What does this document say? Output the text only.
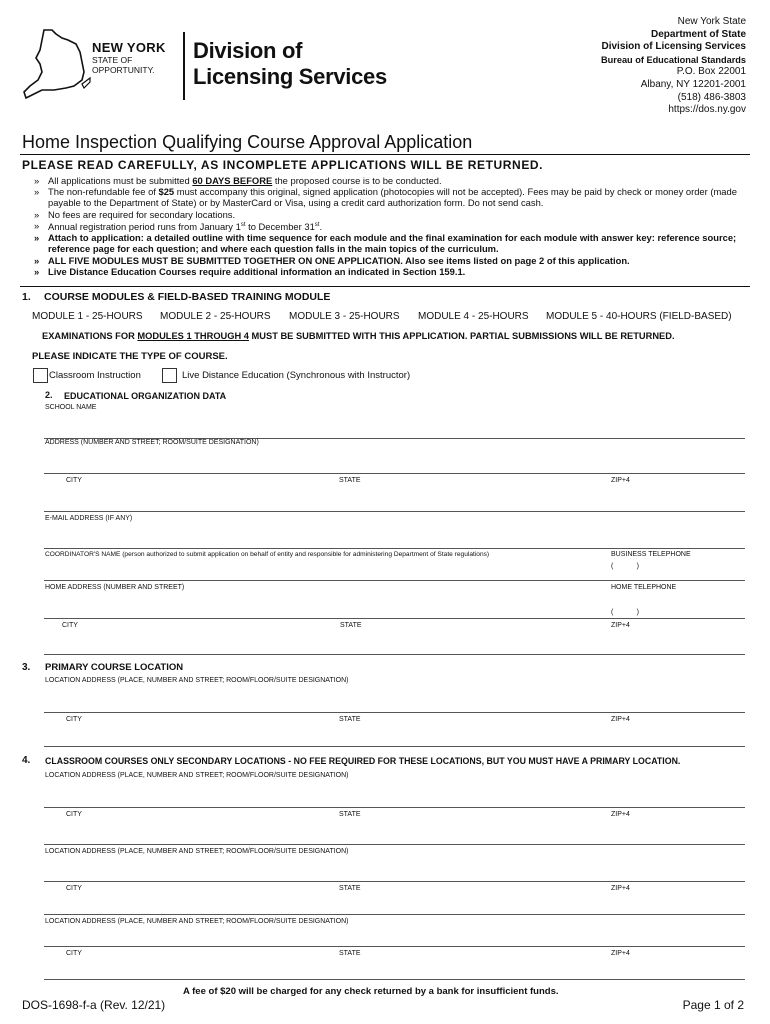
NEW YORK
STATE OF
OPPORTUNITY.
Division of
Licensing Services
New York State
Department of State
Division of Licensing Services
Bureau of Educational Standards
P.O. Box 22001
Albany, NY 12201-2001
(518) 486-3803
https://dos.ny.gov
Home Inspection Qualifying Course Approval Application
PLEASE READ CAREFULLY, AS INCOMPLETE APPLICATIONS WILL BE RETURNED.
» All applications must be submitted 60 DAYS BEFORE the proposed course is to be conducted.
» The non-refundable fee of $25 must accompany this original, signed application (photocopies will not be accepted). Fees may be paid by check or money order (made payable to the Department of State) or by MasterCard or Visa, using a credit card authorization form. Do not send cash.
» No fees are required for secondary locations.
» Annual registration period runs from January 1st to December 31st.
» Attach to application: a detailed outline with time sequence for each module and the final examination for each module with answer key: reference source; reference page for each question; and where each question falls in the main topics of the curriculum.
» ALL FIVE MODULES MUST BE SUBMITTED TOGETHER ON ONE APPLICATION. Also see items listed on page 2 of this application.
» Live Distance Education Courses require additional information an indicated in Section 159.1.
1. COURSE MODULES & FIELD-BASED TRAINING MODULE
MODULE 1 - 25-HOURS MODULE 2 - 25-HOURS MODULE 3 - 25-HOURS MODULE 4 - 25-HOURS MODULE 5 - 40-HOURS (FIELD-BASED)
EXAMINATIONS FOR MODULES 1 THROUGH 4 MUST BE SUBMITTED WITH THIS APPLICATION. PARTIAL SUBMISSIONS WILL BE RETURNED.
PLEASE INDICATE THE TYPE OF COURSE.
Classroom Instruction	Live Distance Education (Synchronous with Instructor)
2. EDUCATIONAL ORGANIZATION DATA
SCHOOL NAME
ADDRESS (NUMBER AND STREET; ROOM/SUITE DESIGNATION)
CITY	STATE	ZIP+4
E-MAIL ADDRESS (IF ANY)
COORDINATOR'S NAME (person authorized to submit application on behalf of entity and responsible for administering Department of State regulations)	BUSINESS TELEPHONE
(            )
HOME ADDRESS (NUMBER AND STREET)	HOME TELEPHONE
(            )
CITY	STATE	ZIP+4
3. PRIMARY COURSE LOCATION
LOCATION ADDRESS (PLACE, NUMBER AND STREET; ROOM/FLOOR/SUITE DESIGNATION)
CITY	STATE	ZIP+4
4. CLASSROOM COURSES ONLY SECONDARY LOCATIONS - NO FEE REQUIRED FOR THESE LOCATIONS, BUT YOU MUST HAVE A PRIMARY LOCATION.
LOCATION ADDRESS (PLACE, NUMBER AND STREET; ROOM/FLOOR/SUITE DESIGNATION)
CITY	STATE	ZIP+4
LOCATION ADDRESS (PLACE, NUMBER AND STREET; ROOM/FLOOR/SUITE DESIGNATION)
CITY	STATE	ZIP+4
LOCATION ADDRESS (PLACE, NUMBER AND STREET; ROOM/FLOOR/SUITE DESIGNATION)
CITY	STATE	ZIP+4
A fee of $20 will be charged for any check returned by a bank for insufficient funds.
DOS-1698-f-a (Rev. 12/21)	Page 1 of 2
